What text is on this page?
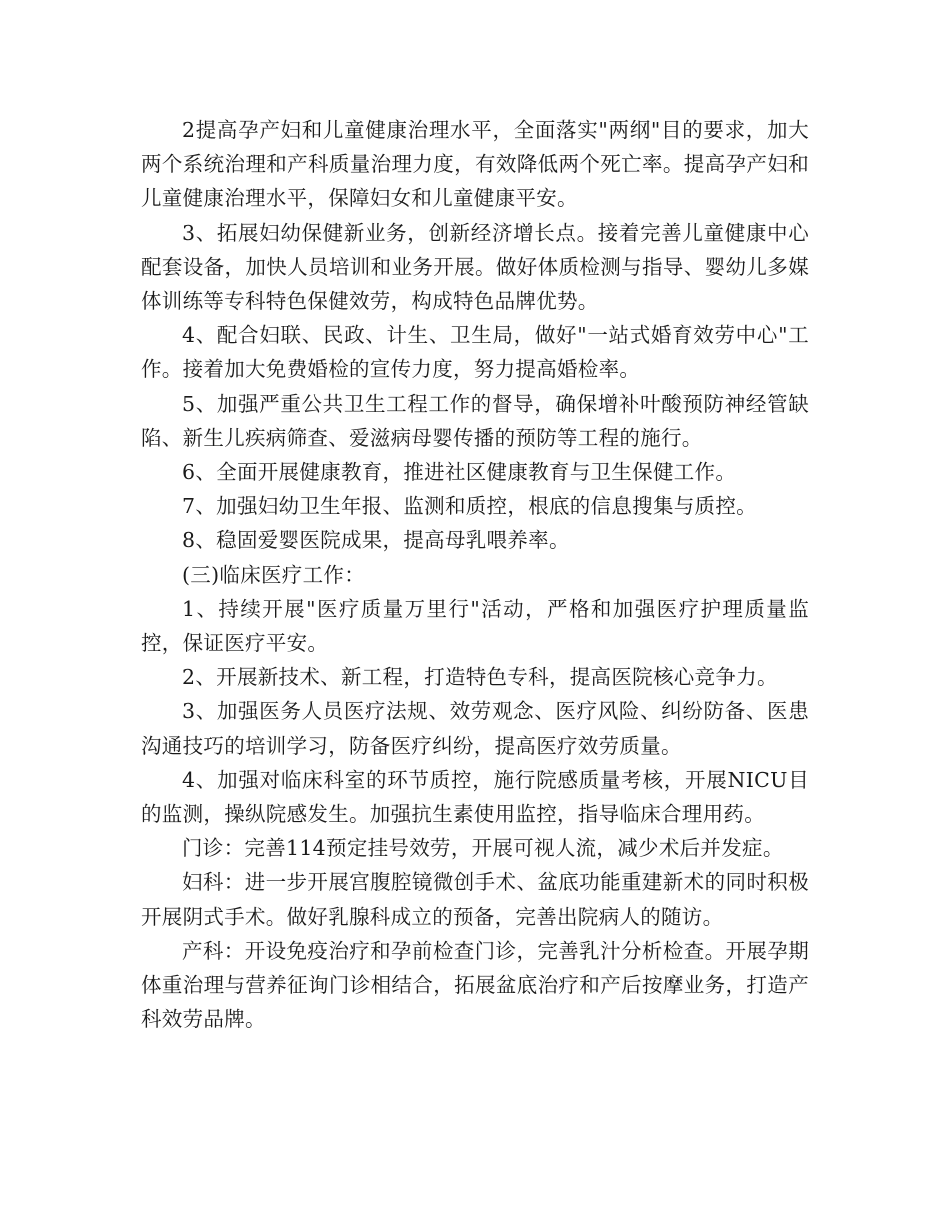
2提高孕产妇和儿童健康治理水平，全面落实"两纲"目的要求，加大两个系统治理和产科质量治理力度，有效降低两个死亡率。提高孕产妇和儿童健康治理水平，保障妇女和儿童健康平安。

3、拓展妇幼保健新业务，创新经济增长点。接着完善儿童健康中心配套设备，加快人员培训和业务开展。做好体质检测与指导、婴幼儿多媒体训练等专科特色保健效劳，构成特色品牌优势。

4、配合妇联、民政、计生、卫生局，做好"一站式婚育效劳中心"工作。接着加大免费婚检的宣传力度，努力提高婚检率。

5、加强严重公共卫生工程工作的督导，确保增补叶酸预防神经管缺陷、新生儿疾病筛查、爱滋病母婴传播的预防等工程的施行。

6、全面开展健康教育，推进社区健康教育与卫生保健工作。

7、加强妇幼卫生年报、监测和质控，根底的信息搜集与质控。

8、稳固爱婴医院成果，提高母乳喂养率。

(三)临床医疗工作：

1、持续开展"医疗质量万里行"活动，严格和加强医疗护理质量监控，保证医疗平安。

2、开展新技术、新工程，打造特色专科，提高医院核心竞争力。

3、加强医务人员医疗法规、效劳观念、医疗风险、纠纷防备、医患沟通技巧的培训学习，防备医疗纠纷，提高医疗效劳质量。

4、加强对临床科室的环节质控，施行院感质量考核，开展NICU目的监测，操纵院感发生。加强抗生素使用监控，指导临床合理用药。

门诊：完善114预定挂号效劳，开展可视人流，减少术后并发症。

妇科：进一步开展宫腹腔镜微创手术、盆底功能重建新术的同时积极开展阴式手术。做好乳腺科成立的预备，完善出院病人的随访。

产科：开设免疫治疗和孕前检查门诊，完善乳汁分析检查。开展孕期体重治理与营养征询门诊相结合，拓展盆底治疗和产后按摩业务，打造产科效劳品牌。
